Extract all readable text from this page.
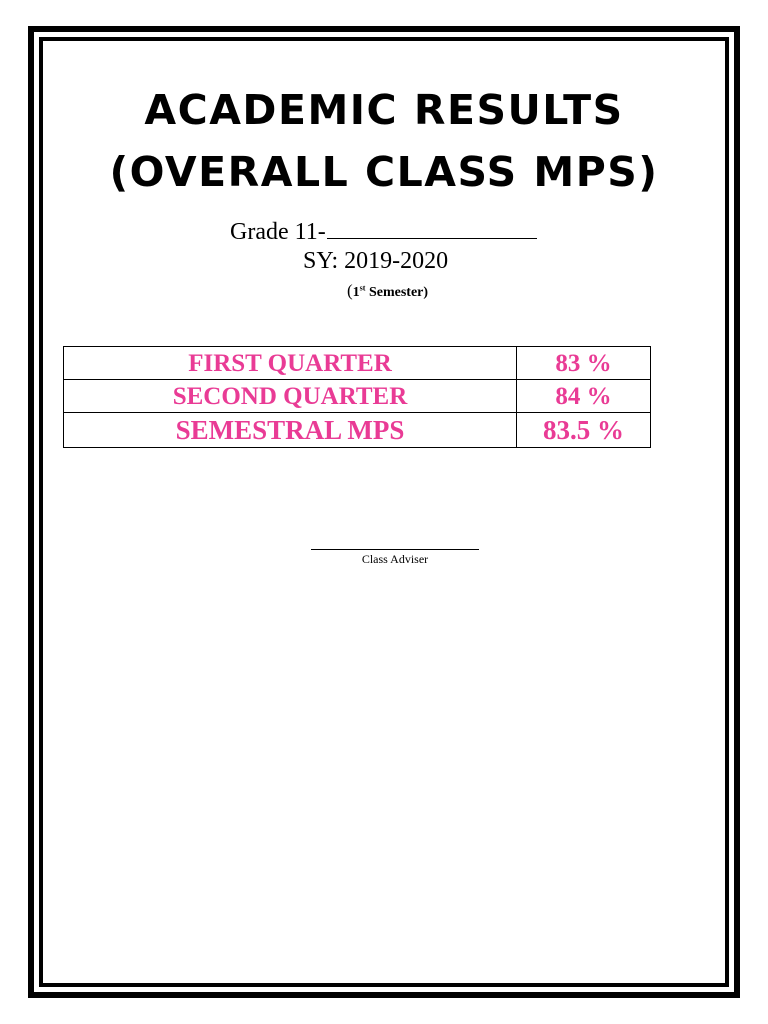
ACADEMIC RESULTS
(OVERALL CLASS MPS)
Grade 11-
SY: 2019-2020
(1st Semester)
FIRST QUARTER	83 %
SECOND QUARTER	84 %
SEMESTRAL MPS	83.5 %
Class Adviser
